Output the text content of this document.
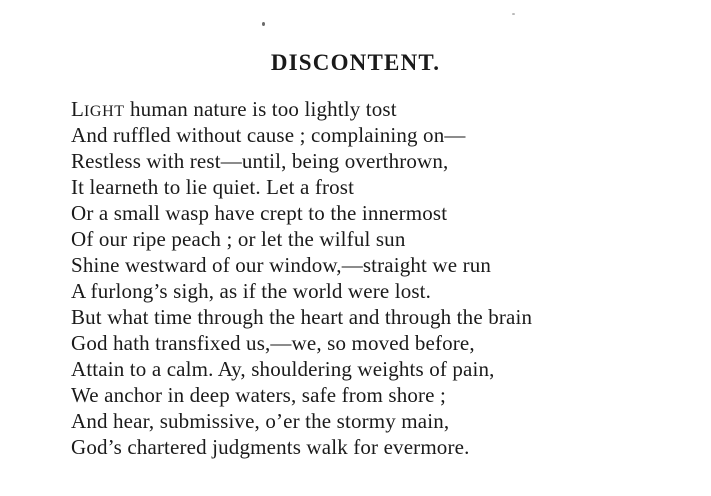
DISCONTENT.
LIGHT human nature is too lightly tost
And ruffled without cause ; complaining on—
Restless with rest—until, being overthrown,
It learneth to lie quiet. Let a frost
Or a small wasp have crept to the innermost
Of our ripe peach ; or let the wilful sun
Shine westward of our window,—straight we run
A furlong’s sigh, as if the world were lost.
But what time through the heart and through the brain
God hath transfixed us,—we, so moved before,
Attain to a calm. Ay, shouldering weights of pain,
We anchor in deep waters, safe from shore ;
And hear, submissive, o’er the stormy main,
God’s chartered judgments walk for evermore.
